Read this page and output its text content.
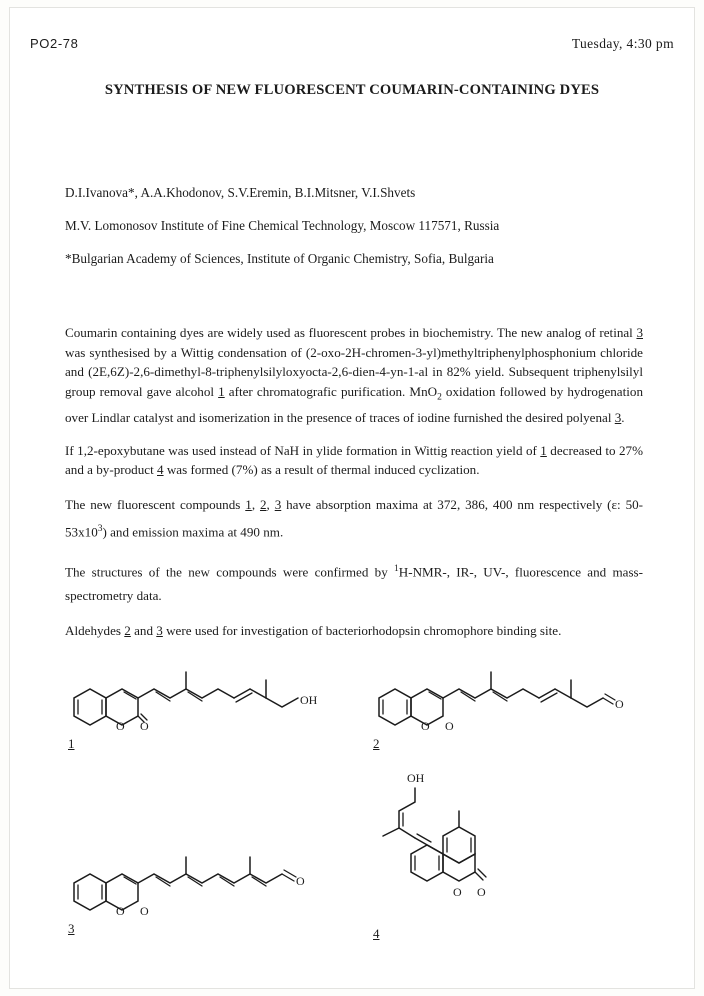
PO2-78	Tuesday, 4:30 pm
SYNTHESIS OF NEW FLUORESCENT COUMARIN-CONTAINING DYES
D.I.Ivanova*, A.A.Khodonov, S.V.Eremin, B.I.Mitsner, V.I.Shvets
M.V. Lomonosov Institute of Fine Chemical Technology, Moscow 117571, Russia
*Bulgarian Academy of Sciences, Institute of Organic Chemistry, Sofia, Bulgaria

Coumarin containing dyes are widely used as fluorescent probes in biochemistry. The new analog of retinal 3 was synthesised by a Wittig condensation of (2-oxo-2H-chromen-3-yl)methyltriphenylphosphonium chloride and (2E,6Z)-2,6-dimethyl-8-triphenylsilyloxyocta-2,6-dien-4-yn-1-al in 82% yield. Subsequent triphenylsilyl group removal gave alcohol 1 after chromatografic purification. MnO$_2$ oxidation followed by hydrogenation over Lindlar catalyst and isomerization in the presence of traces of iodine furnished the desired polyenal 3.

If 1,2-epoxybutane was used instead of NaH in ylide formation in Wittig reaction yield of 1 decreased to 27% and a by-product 4 was formed (7%) as a result of thermal induced cyclization.

The new fluorescent compounds 1, 2, 3 have absorption maxima at 372, 386, 400 nm respectively (ε: $50-53x10^3$) and emission maxima at 490 nm.

The structures of the new compounds were confirmed by $^1$H-NMR-, IR-, UV-, fluorescence and mass-spectrometry data.

Aldehydes 2 and 3 were used for investigation of bacteriorhodopsin chromophore binding site.

O O
OH
1
O O
O
2
O O
O
3
OH
O O
4
